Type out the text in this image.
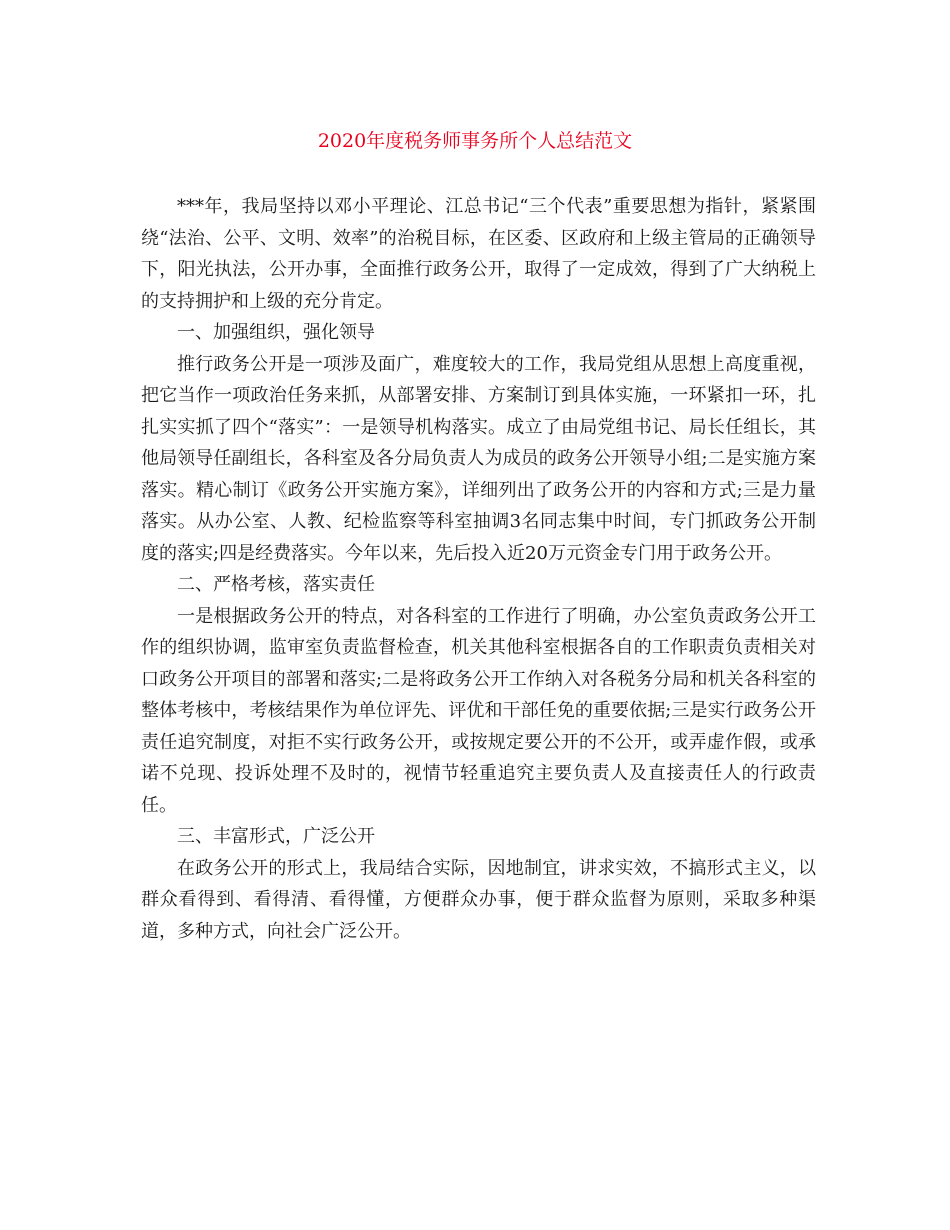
2020年度税务师事务所个人总结范文

***年，我局坚持以邓小平理论、江总书记“三个代表”重要思想为指针，紧紧围绕“法治、公平、文明、效率”的治税目标，在区委、区政府和上级主管局的正确领导下，阳光执法，公开办事，全面推行政务公开，取得了一定成效，得到了广大纳税上的支持拥护和上级的充分肯定。

一、加强组织，强化领导

推行政务公开是一项涉及面广，难度较大的工作，我局党组从思想上高度重视，把它当作一项政治任务来抓，从部署安排、方案制订到具体实施，一环紧扣一环，扎扎实实抓了四个“落实”：一是领导机构落实。成立了由局党组书记、局长任组长，其他局领导任副组长，各科室及各分局负责人为成员的政务公开领导小组;二是实施方案落实。精心制订《政务公开实施方案》，详细列出了政务公开的内容和方式;三是力量落实。从办公室、人教、纪检监察等科室抽调3名同志集中时间，专门抓政务公开制度的落实;四是经费落实。今年以来，先后投入近20万元资金专门用于政务公开。

二、严格考核，落实责任

一是根据政务公开的特点，对各科室的工作进行了明确，办公室负责政务公开工作的组织协调，监审室负责监督检查，机关其他科室根据各自的工作职责负责相关对口政务公开项目的部署和落实;二是将政务公开工作纳入对各税务分局和机关各科室的整体考核中，考核结果作为单位评先、评优和干部任免的重要依据;三是实行政务公开责任追究制度，对拒不实行政务公开，或按规定要公开的不公开，或弄虚作假，或承诺不兑现、投诉处理不及时的，视情节轻重追究主要负责人及直接责任人的行政责任。

三、丰富形式，广泛公开

在政务公开的形式上，我局结合实际，因地制宜，讲求实效，不搞形式主义，以群众看得到、看得清、看得懂，方便群众办事，便于群众监督为原则，采取多种渠道，多种方式，向社会广泛公开。
